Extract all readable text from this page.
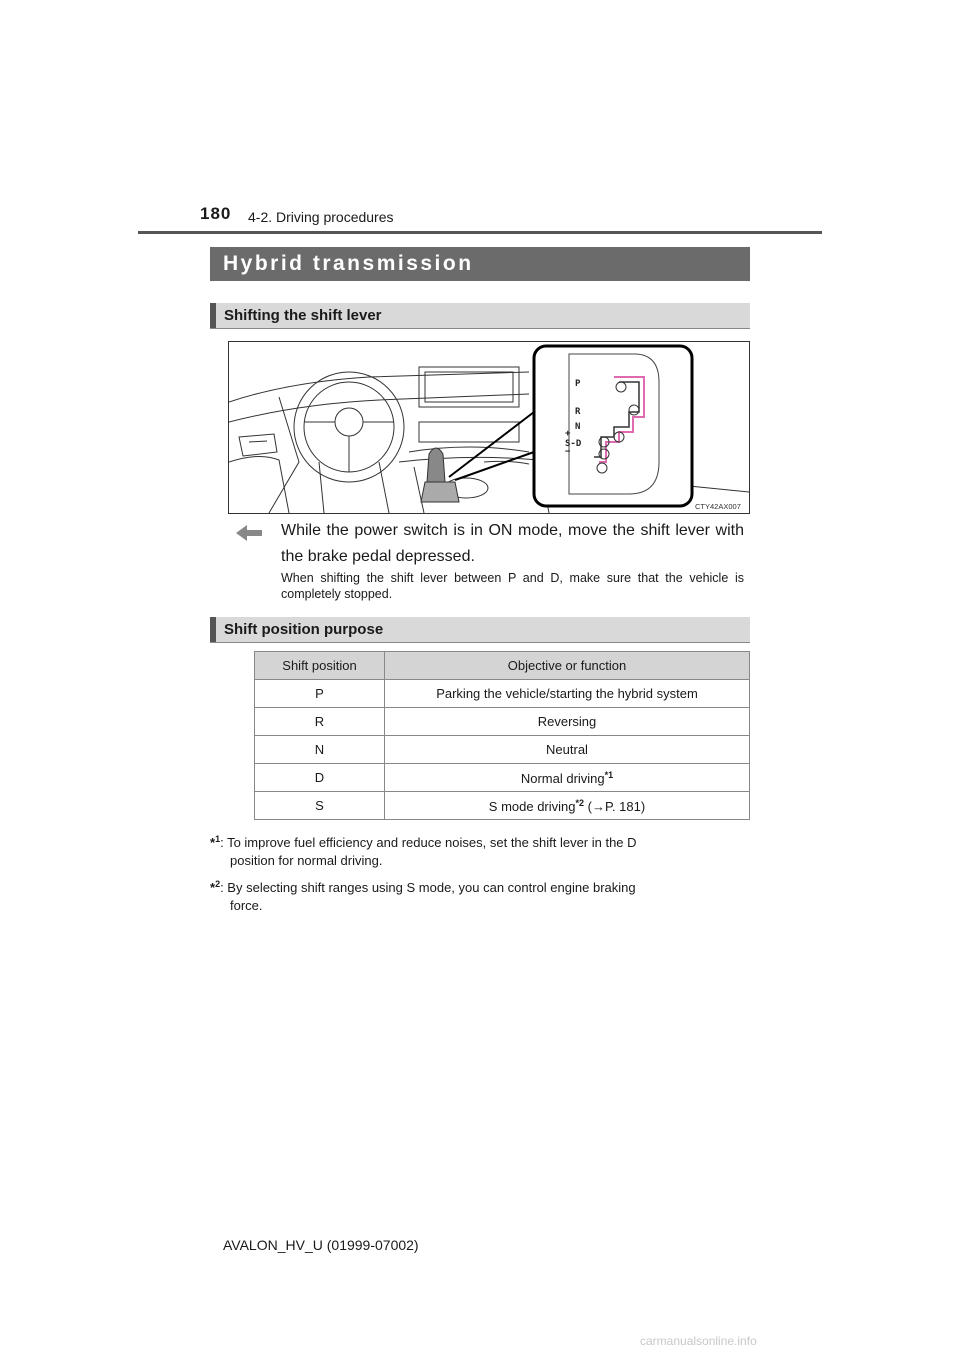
180 4-2. Driving procedures
Hybrid transmission
Shifting the shift lever
P
R
N
+
S-D
−
CTY42AX007
While the power switch is in ON mode, move the shift lever with the brake pedal depressed.
When shifting the shift lever between P and D, make sure that the vehicle is completely stopped.
Shift position purpose
Shift position	Objective or function
P	Parking the vehicle/starting the hybrid system
R	Reversing
N	Neutral
D	Normal driving$^{*1}$
S	S mode driving$^{*2}$ (→P. 181)
*$^1$: To improve fuel efficiency and reduce noises, set the shift lever in the D
position for normal driving.
*$^2$: By selecting shift ranges using S mode, you can control engine braking
force.
AVALON_HV_U (01999-07002)
carmanualsonline.info
